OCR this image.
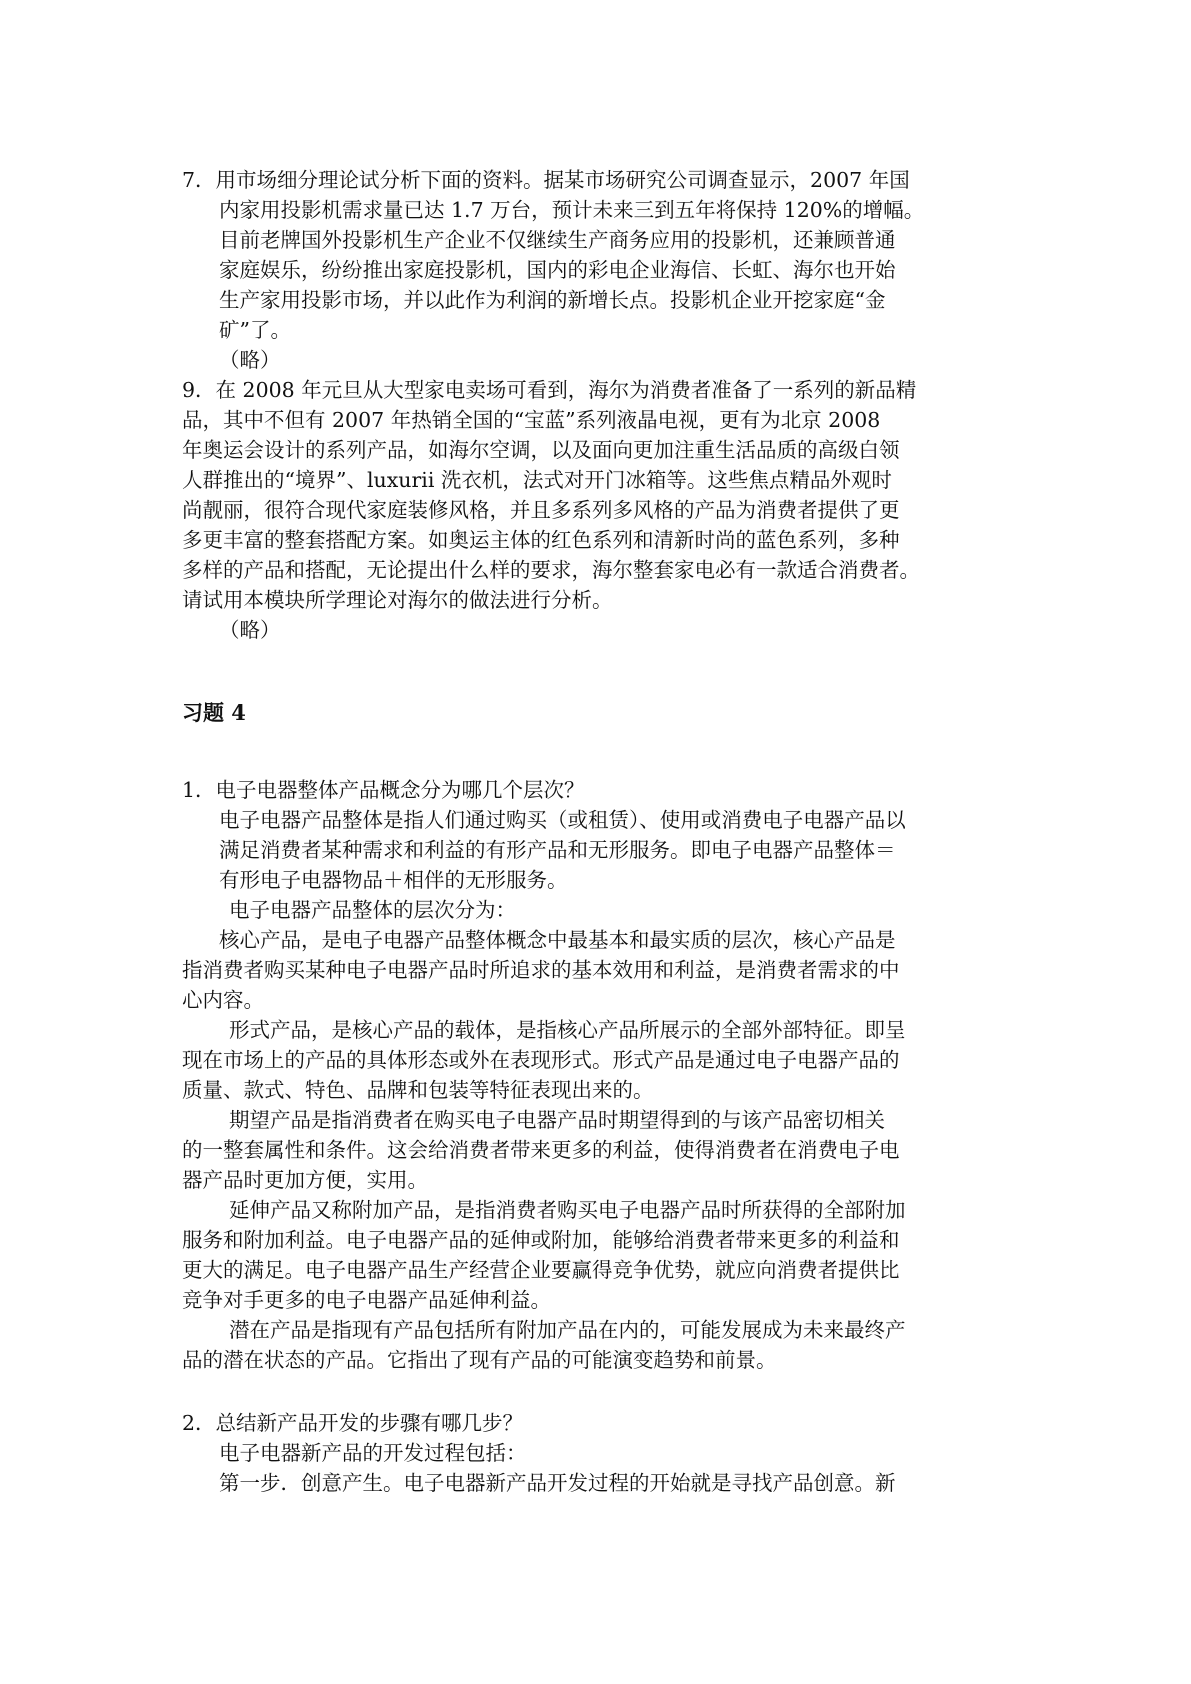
7．用市场细分理论试分析下面的资料。据某市场研究公司调查显示，2007 年国
内家用投影机需求量已达 1.7 万台，预计未来三到五年将保持 120%的增幅。
目前老牌国外投影机生产企业不仅继续生产商务应用的投影机，还兼顾普通
家庭娱乐，纷纷推出家庭投影机，国内的彩电企业海信、长虹、海尔也开始
生产家用投影市场，并以此作为利润的新增长点。投影机企业开挖家庭“金
矿”了。
（略）
9．在 2008 年元旦从大型家电卖场可看到，海尔为消费者准备了一系列的新品精
品，其中不但有 2007 年热销全国的“宝蓝”系列液晶电视，更有为北京 2008
年奥运会设计的系列产品，如海尔空调，以及面向更加注重生活品质的高级白领
人群推出的“境界”、luxurii 洗衣机，法式对开门冰箱等。这些焦点精品外观时
尚靓丽，很符合现代家庭装修风格，并且多系列多风格的产品为消费者提供了更
多更丰富的整套搭配方案。如奥运主体的红色系列和清新时尚的蓝色系列，多种
多样的产品和搭配，无论提出什么样的要求，海尔整套家电必有一款适合消费者。
请试用本模块所学理论对海尔的做法进行分析。
（略）
习题 4
1．电子电器整体产品概念分为哪几个层次？
电子电器产品整体是指人们通过购买（或租赁）、使用或消费电子电器产品以
满足消费者某种需求和利益的有形产品和无形服务。即电子电器产品整体＝
有形电子电器物品＋相伴的无形服务。
电子电器产品整体的层次分为：
核心产品，是电子电器产品整体概念中最基本和最实质的层次，核心产品是
指消费者购买某种电子电器产品时所追求的基本效用和利益，是消费者需求的中
心内容。
形式产品，是核心产品的载体，是指核心产品所展示的全部外部特征。即呈
现在市场上的产品的具体形态或外在表现形式。形式产品是通过电子电器产品的
质量、款式、特色、品牌和包装等特征表现出来的。
期望产品是指消费者在购买电子电器产品时期望得到的与该产品密切相关
的一整套属性和条件。这会给消费者带来更多的利益，使得消费者在消费电子电
器产品时更加方便，实用。
延伸产品又称附加产品，是指消费者购买电子电器产品时所获得的全部附加
服务和附加利益。电子电器产品的延伸或附加，能够给消费者带来更多的利益和
更大的满足。电子电器产品生产经营企业要赢得竞争优势，就应向消费者提供比
竞争对手更多的电子电器产品延伸利益。
潜在产品是指现有产品包括所有附加产品在内的，可能发展成为未来最终产
品的潜在状态的产品。它指出了现有产品的可能演变趋势和前景。
2．总结新产品开发的步骤有哪几步？
电子电器新产品的开发过程包括：
第一步．创意产生。电子电器新产品开发过程的开始就是寻找产品创意。新
